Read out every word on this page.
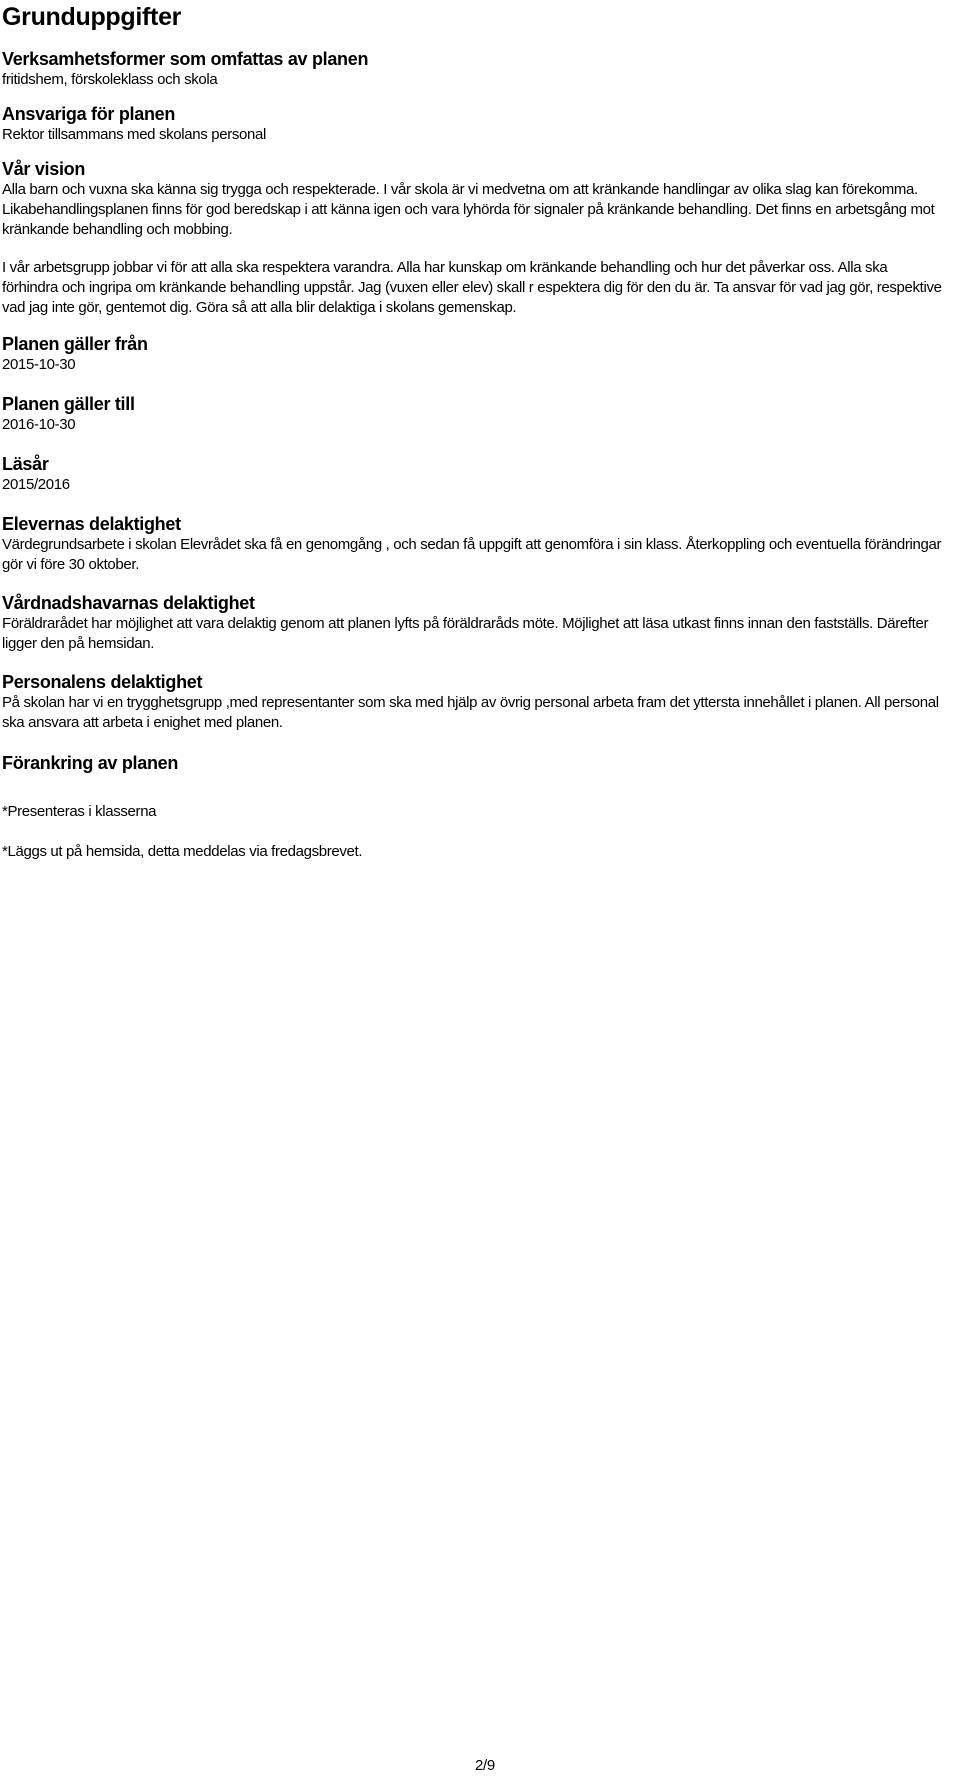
Grunduppgifter
Verksamhetsformer som omfattas av planen

fritidshem, förskoleklass och skola

Ansvariga för planen

Rektor tillsammans med skolans personal

Vår vision

Alla barn och vuxna ska känna sig trygga och respekterade. I vår skola är vi medvetna om att kränkande handlingar av olika slag kan förekomma. Likabehandlingsplanen finns för god beredskap i att känna igen och vara lyhörda för signaler på kränkande behandling. Det finns en arbetsgång mot kränkande behandling och mobbing.

I vår arbetsgrupp jobbar vi för att alla ska respektera varandra. Alla har kunskap om kränkande behandling och hur det påverkar oss. Alla ska förhindra och ingripa om kränkande behandling uppstår. Jag (vuxen eller elev) skall r espektera dig för den du är. Ta ansvar för vad jag gör, respektive vad jag inte gör, gentemot dig. Göra så att alla blir delaktiga i skolans gemenskap.

Planen gäller från

2015-10-30

Planen gäller till

2016-10-30

Läsår

2015/2016

Elevernas delaktighet

Värdegrundsarbete i skolan Elevrådet ska få en genomgång , och sedan få uppgift att genomföra i sin klass. Återkoppling och eventuella förändringar gör vi före 30 oktober.

Vårdnadshavarnas delaktighet

Föräldrarådet har möjlighet att vara delaktig genom att planen lyfts på föräldraråds möte. Möjlighet att läsa utkast finns innan den fastställs. Därefter ligger den på hemsidan.

Personalens delaktighet

På skolan har vi en trygghetsgrupp ,med representanter som ska med hjälp av övrig personal arbeta fram det yttersta innehållet i planen. All personal ska ansvara att arbeta i enighet med planen.

Förankring av planen

*Presenteras i klasserna

*Läggs ut på hemsida, detta meddelas via fredagsbrevet.

2/9
